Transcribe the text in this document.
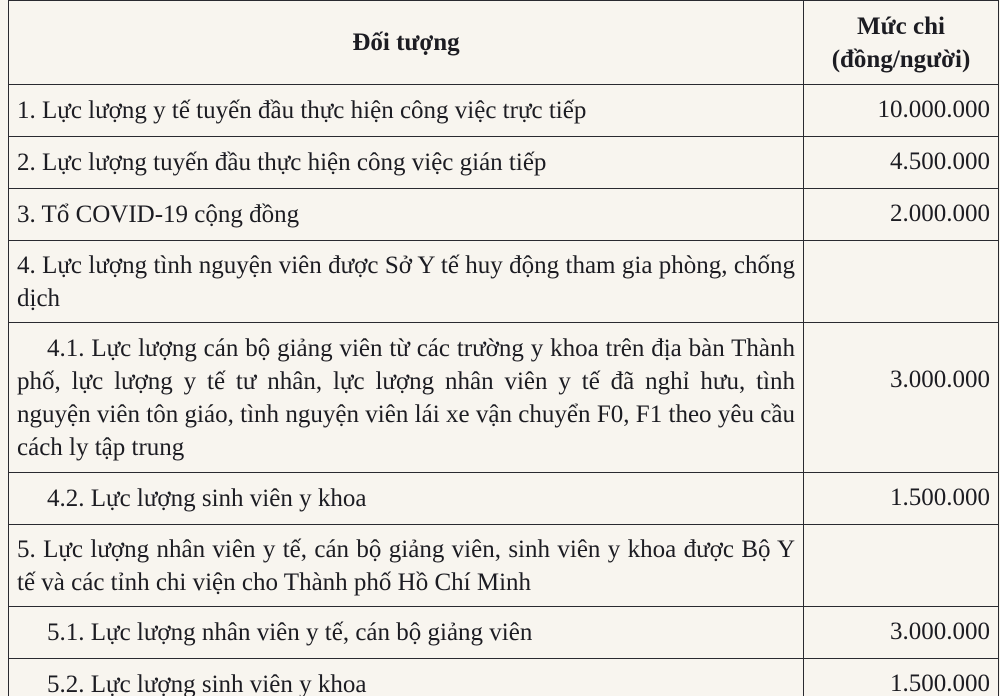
Đối tượng	Mức chi
(đồng/người)

1. Lực lượng y tế tuyến đầu thực hiện công việc trực tiếp	10.000.000
2. Lực lượng tuyến đầu thực hiện công việc gián tiếp	4.500.000
3. Tổ COVID-19 cộng đồng	2.000.000
4. Lực lượng tình nguyện viên được Sở Y tế huy động tham gia phòng, chống dịch	
4.1. Lực lượng cán bộ giảng viên từ các trường y khoa trên địa bàn Thành phố, lực lượng y tế tư nhân, lực lượng nhân viên y tế đã nghỉ hưu, tình nguyện viên tôn giáo, tình nguyện viên lái xe vận chuyển F0, F1 theo yêu cầu cách ly tập trung	3.000.000
4.2. Lực lượng sinh viên y khoa	1.500.000
5. Lực lượng nhân viên y tế, cán bộ giảng viên, sinh viên y khoa được Bộ Y tế và các tỉnh chi viện cho Thành phố Hồ Chí Minh	
5.1. Lực lượng nhân viên y tế, cán bộ giảng viên	3.000.000
5.2. Lực lượng sinh viên y khoa	1.500.000
